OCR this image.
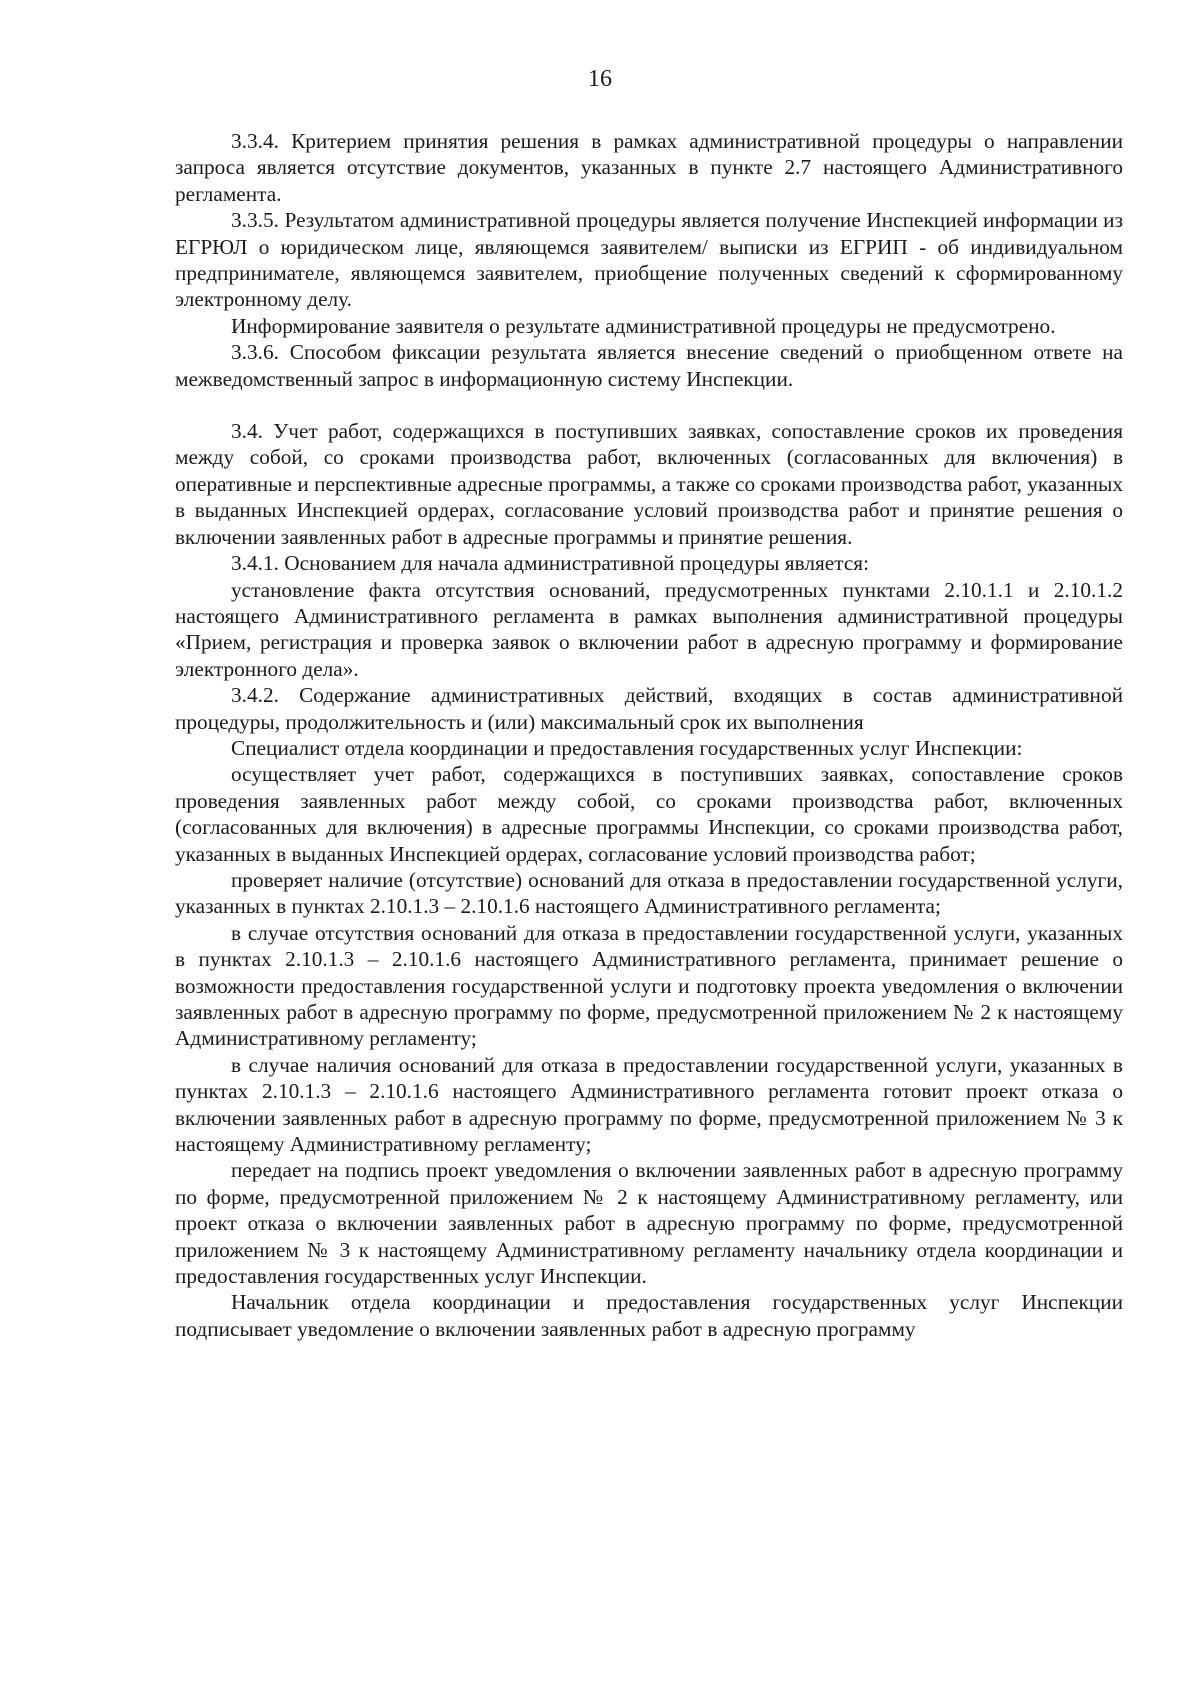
16

3.3.4. Критерием принятия решения в рамках административной процедуры о направлении запроса является отсутствие документов, указанных в пункте 2.7 настоящего Административного регламента.

3.3.5. Результатом административной процедуры является получение Инспекцией информации из ЕГРЮЛ о юридическом лице, являющемся заявителем/ выписки из ЕГРИП - об индивидуальном предпринимателе, являющемся заявителем, приобщение полученных сведений к сформированному электронному делу.

Информирование заявителя о результате административной процедуры не предусмотрено.

3.3.6. Способом фиксации результата является внесение сведений о приобщенном ответе на межведомственный запрос в информационную систему Инспекции.

3.4. Учет работ, содержащихся в поступивших заявках, сопоставление сроков их проведения между собой, со сроками производства работ, включенных (согласованных для включения) в оперативные и перспективные адресные программы, а также со сроками производства работ, указанных в выданных Инспекцией ордерах, согласование условий производства работ и принятие решения о включении заявленных работ в адресные программы и принятие решения.

3.4.1. Основанием для начала административной процедуры является:

установление факта отсутствия оснований, предусмотренных пунктами 2.10.1.1 и 2.10.1.2 настоящего Административного регламента в рамках выполнения административной процедуры «Прием, регистрация и проверка заявок о включении работ в адресную программу и формирование электронного дела».

3.4.2. Содержание административных действий, входящих в состав административной процедуры, продолжительность и (или) максимальный срок их выполнения

Специалист отдела координации и предоставления государственных услуг Инспекции:

осуществляет учет работ, содержащихся в поступивших заявках, сопоставление сроков проведения заявленных работ между собой, со сроками производства работ, включенных (согласованных для включения) в адресные программы Инспекции, со сроками производства работ, указанных в выданных Инспекцией ордерах, согласование условий производства работ;

проверяет наличие (отсутствие) оснований для отказа в предоставлении государственной услуги, указанных в пунктах 2.10.1.3 – 2.10.1.6 настоящего Административного регламента;

в случае отсутствия оснований для отказа в предоставлении государственной услуги, указанных в пунктах 2.10.1.3 – 2.10.1.6 настоящего Административного регламента, принимает решение о возможности предоставления государственной услуги и подготовку проекта уведомления о включении заявленных работ в адресную программу по форме, предусмотренной приложением № 2 к настоящему Административному регламенту;

в случае наличия оснований для отказа в предоставлении государственной услуги, указанных в пунктах 2.10.1.3 – 2.10.1.6 настоящего Административного регламента готовит проект отказа о включении заявленных работ в адресную программу по форме, предусмотренной приложением № 3 к настоящему Административному регламенту;

передает на подпись проект уведомления о включении заявленных работ в адресную программу по форме, предусмотренной приложением № 2 к настоящему Административному регламенту, или проект отказа о включении заявленных работ в адресную программу по форме, предусмотренной приложением № 3 к настоящему Административному регламенту начальнику отдела координации и предоставления государственных услуг Инспекции.

Начальник отдела координации и предоставления государственных услуг Инспекции подписывает уведомление о включении заявленных работ в адресную программу
